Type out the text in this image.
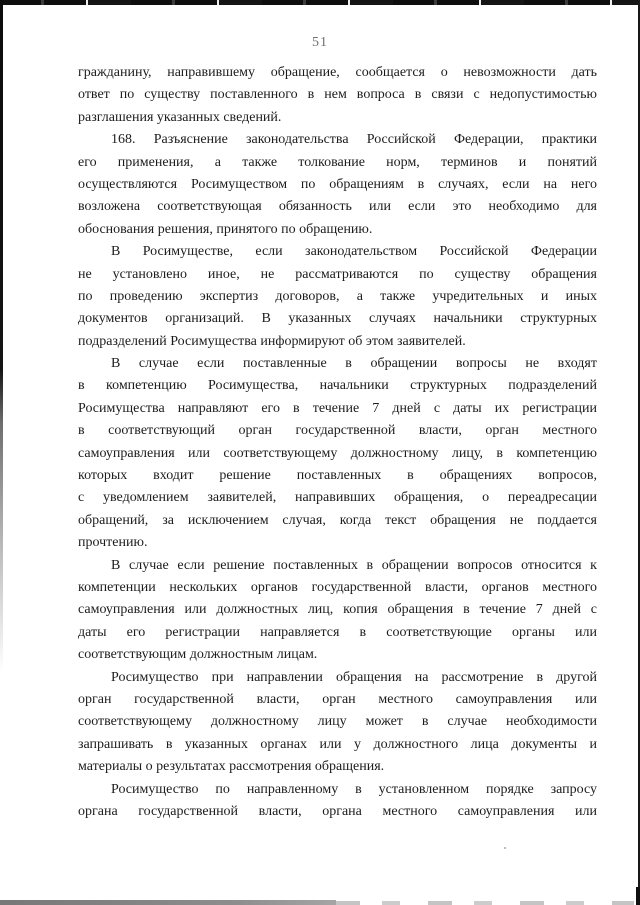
51
гражданину, направившему обращение, сообщается о невозможности дать
ответ по существу поставленного в нем вопроса в связи с недопустимостью
разглашения указанных сведений.
168. Разъяснение законодательства Российской Федерации, практики
его применения, а также толкование норм, терминов и понятий
осуществляются Росимуществом по обращениям в случаях, если на него
возложена соответствующая обязанность или если это необходимо для
обоснования решения, принятого по обращению.
В Росимуществе, если законодательством Российской Федерации
не установлено иное, не рассматриваются по существу обращения
по проведению экспертиз договоров, а также учредительных и иных
документов организаций. В указанных случаях начальники структурных
подразделений Росимущества информируют об этом заявителей.
В случае если поставленные в обращении вопросы не входят
в компетенцию Росимущества, начальники структурных подразделений
Росимущества направляют его в течение 7 дней с даты их регистрации
в соответствующий орган государственной власти, орган местного
самоуправления или соответствующему должностному лицу, в компетенцию
которых входит решение поставленных в обращениях вопросов,
с уведомлением заявителей, направивших обращения, о переадресации
обращений, за исключением случая, когда текст обращения не поддается
прочтению.
В случае если решение поставленных в обращении вопросов относится к
компетенции нескольких органов государственной власти, органов местного
самоуправления или должностных лиц, копия обращения в течение 7 дней с
даты его регистрации направляется в соответствующие органы или
соответствующим должностным лицам.
Росимущество при направлении обращения на рассмотрение в другой
орган государственной власти, орган местного самоуправления или
соответствующему должностному лицу может в случае необходимости
запрашивать в указанных органах или у должностного лица документы и
материалы о результатах рассмотрения обращения.
Росимущество по направленному в установленном порядке запросу
органа государственной власти, органа местного самоуправления или
